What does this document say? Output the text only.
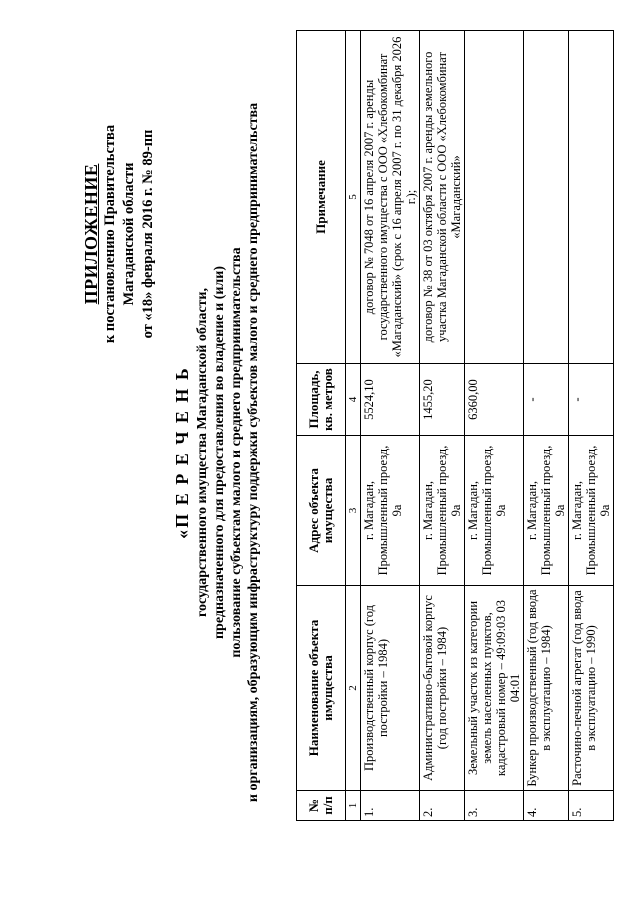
ПРИЛОЖЕНИЕ к постановлению Правительства Магаданской области от «18» февраля 2016 г. № 89-пп
«П Е Р Е Ч Е Н Ь государственного имущества Магаданской области, предназначенного для предоставления во владение и (или) пользование субъектам малого и среднего предпринимательства и организациям, образующим инфраструктуру поддержки субъектов малого и среднего предпринимательства
№ п/п	Наименование объекта имущества	Адрес объекта имущества	Площадь, кв. метров	Примечание
1	2	3	4	5
1.	Производственный корпус (год постройки – 1984)	г. Магадан, Промышленный проезд, 9а	5524,10	договор № 7048 от 16 апреля 2007 г. аренды государственного имущества с ООО «Хлебокомбинат «Магаданский» (срок с 16 апреля 2007 г. по 31 декабря 2026 г.);
2.	Административно-бытовой корпус (год постройки – 1984)	г. Магадан, Промышленный проезд, 9а	1455,20	договор № 38 от 03 октября 2007 г. аренды земельного участка Магаданской области с ООО «Хлебокомбинат «Магаданский»
3.	Земельный участок из категории земель населенных пунктов, кадастровый номер – 49:09:03 03 04:01	г. Магадан, Промышленный проезд, 9а	6360,00	
4.	Бункер производственный (год ввода в эксплуатацию – 1984)	г. Магадан, Промышленный проезд, 9а	-	
5.	Расточино-печной агрегат (год ввода в эксплуатацию – 1990)	г. Магадан, Промышленный проезд, 9а	-	
